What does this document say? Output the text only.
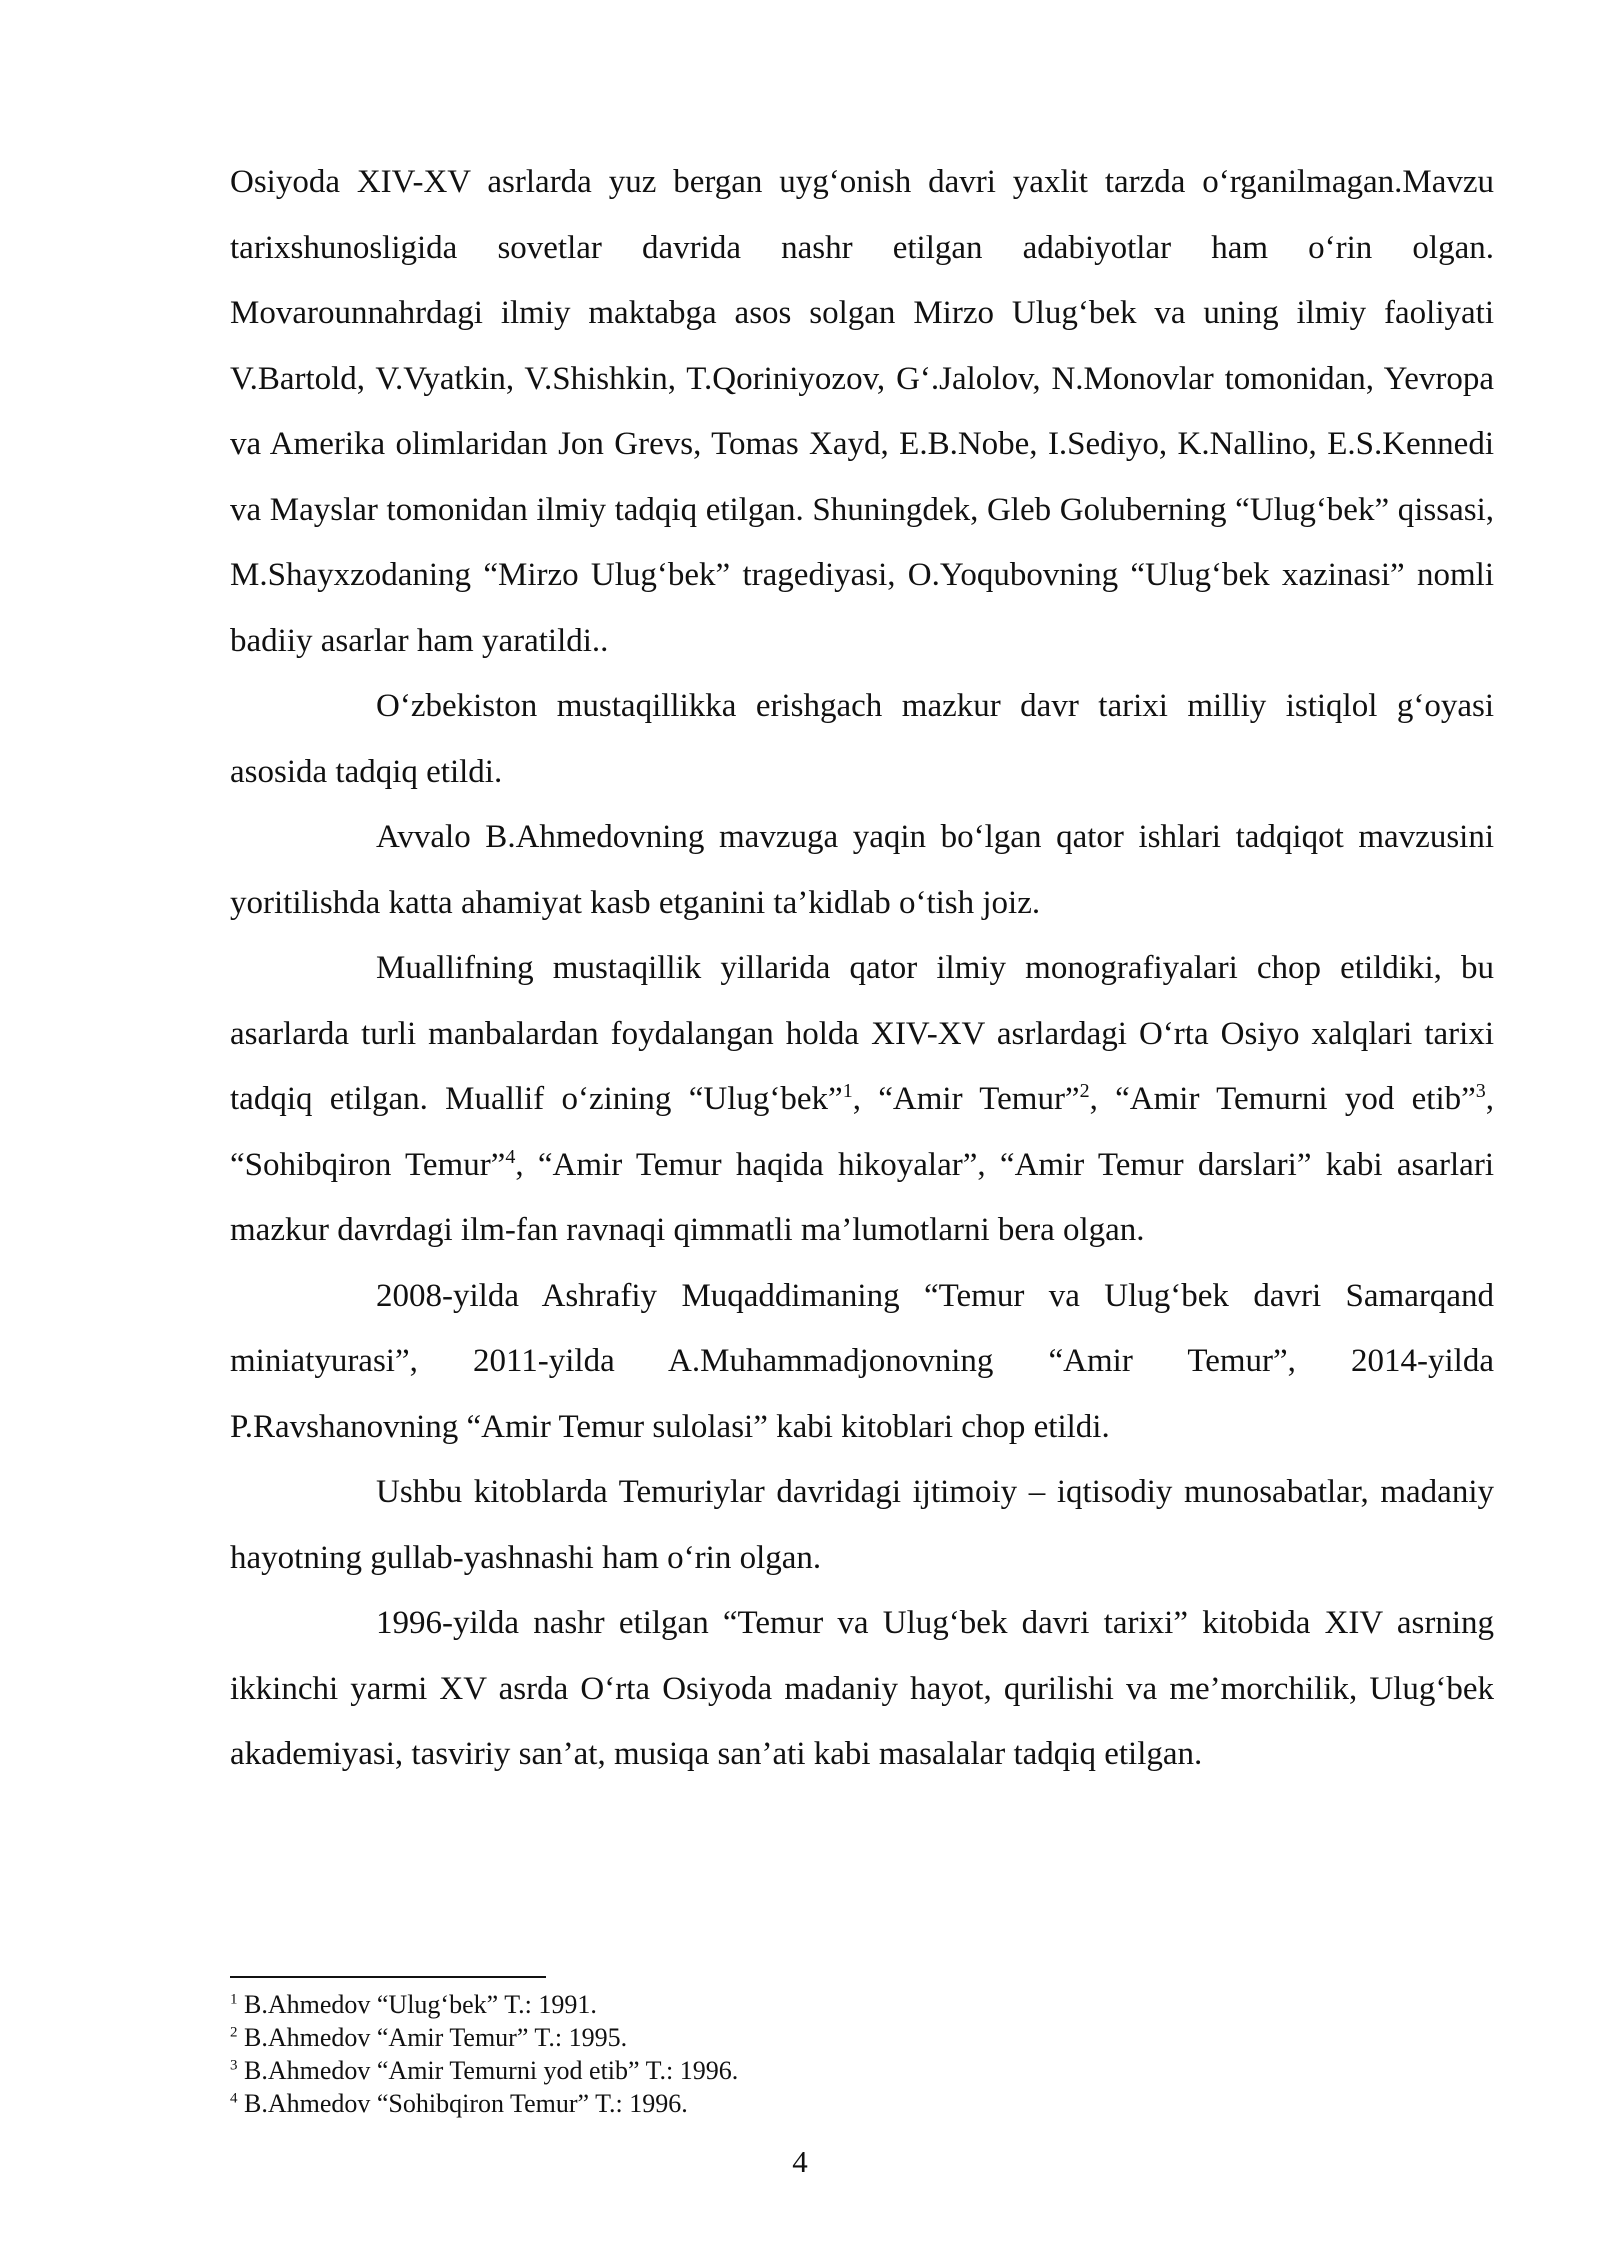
Osiyoda XIV-XV asrlarda yuz bergan uyg‘onish davri yaxlit tarzda o‘rganilmagan.Mavzu tarixshunosligida sovetlar davrida nashr etilgan adabiyotlar ham o‘rin olgan. Movarounnahrdagi ilmiy maktabga asos solgan Mirzo Ulug‘bek va uning ilmiy faoliyati V.Bartold, V.Vyatkin, V.Shishkin, T.Qoriniyozov, G‘.Jalolov, N.Monovlar tomonidan, Yevropa va Amerika olimlaridan Jon Grevs, Tomas Xayd, E.B.Nobe, I.Sediyo, K.Nallino, E.S.Kennedi va Mayslar tomonidan ilmiy tadqiq etilgan. Shuningdek, Gleb Goluberning “Ulug‘bek” qissasi, M.Shayxzodaning “Mirzo Ulug‘bek” tragediyasi, O.Yoqubovning “Ulug‘bek xazinasi” nomli badiiy asarlar ham yaratildi..

O‘zbekiston mustaqillikka erishgach mazkur davr tarixi milliy istiqlol g‘oyasi asosida tadqiq etildi.

Avvalo B.Ahmedovning mavzuga yaqin bo‘lgan qator ishlari tadqiqot mavzusini yoritilishda katta ahamiyat kasb etganini ta’kidlab o‘tish joiz.

Muallifning mustaqillik yillarida qator ilmiy monografiyalari chop etildiki, bu asarlarda turli manbalardan foydalangan holda XIV-XV asrlardagi O‘rta Osiyo xalqlari tarixi tadqiq etilgan. Muallif o‘zining “Ulug‘bek”$^1$, “Amir Temur”$^2$, “Amir Temurni yod etib”$^3$, “Sohibqiron Temur”$^4$, “Amir Temur haqida hikoyalar”, “Amir Temur darslari” kabi asarlari mazkur davrdagi ilm-fan ravnaqi qimmatli ma’lumotlarni bera olgan.

2008-yilda Ashrafiy Muqaddimaning “Temur va Ulug‘bek davri Samarqand miniatyurasi”, 2011-yilda A.Muhammadjonovning “Amir Temur”, 2014-yilda P.Ravshanovning “Amir Temur sulolasi” kabi kitoblari chop etildi.

Ushbu kitoblarda Temuriylar davridagi ijtimoiy – iqtisodiy munosabatlar, madaniy hayotning gullab-yashnashi ham o‘rin olgan.

1996-yilda nashr etilgan “Temur va Ulug‘bek davri tarixi” kitobida XIV asrning ikkinchi yarmi XV asrda O‘rta Osiyoda madaniy hayot, qurilishi va me’morchilik, Ulug‘bek akademiyasi, tasviriy san’at, musiqa san’ati kabi masalalar tadqiq etilgan.

$^1$ B.Ahmedov “Ulug‘bek” T.: 1991.
$^2$ B.Ahmedov “Amir Temur” T.: 1995.
$^3$ B.Ahmedov “Amir Temurni yod etib” T.: 1996.
$^4$ B.Ahmedov “Sohibqiron Temur” T.: 1996.
4
